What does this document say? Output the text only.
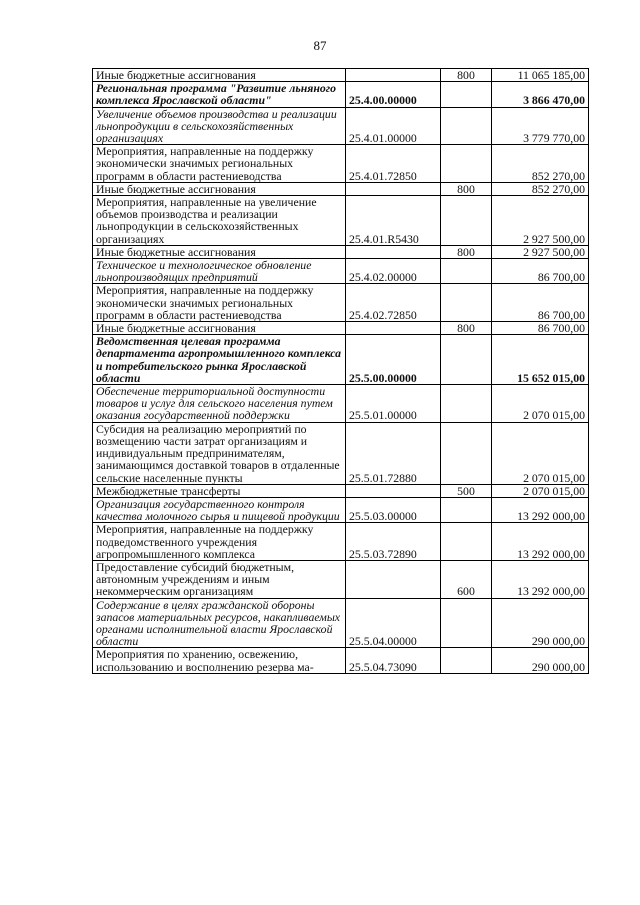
87
Иные бюджетные ассигнования		800	11 065 185,00
Региональная программа "Развитие льняного комплекса Ярославской области"	25.4.00.00000		3 866 470,00
Увеличение объемов производства и реализации льнопродукции в сельскохозяйственных организациях	25.4.01.00000		3 779 770,00
Мероприятия, направленные на поддержку экономически значимых региональных программ в области растениеводства	25.4.01.72850		852 270,00
Иные бюджетные ассигнования		800	852 270,00
Мероприятия, направленные на увеличение объемов производства и реализации льнопродукции в сельскохозяйственных организациях	25.4.01.R5430		2 927 500,00
Иные бюджетные ассигнования		800	2 927 500,00
Техническое и технологическое обновление льнопроизводящих предприятий	25.4.02.00000		86 700,00
Мероприятия, направленные на поддержку экономически значимых региональных программ в области растениеводства	25.4.02.72850		86 700,00
Иные бюджетные ассигнования		800	86 700,00
Ведомственная целевая программа департамента агропромышленного комплекса и потребительского рынка Ярославской области	25.5.00.00000		15 652 015,00
Обеспечение территориальной доступности товаров и услуг для сельского населения путем оказания государственной поддержки	25.5.01.00000		2 070 015,00
Субсидия на реализацию мероприятий по возмещению части затрат организациям и индивидуальным предпринимателям, занимающимся доставкой товаров в отдаленные сельские населенные пункты	25.5.01.72880		2 070 015,00
Межбюджетные трансферты		500	2 070 015,00
Организация государственного контроля качества молочного сырья и пищевой продукции	25.5.03.00000		13 292 000,00
Мероприятия, направленные на поддержку подведомственного учреждения агропромышленного комплекса	25.5.03.72890		13 292 000,00
Предоставление субсидий бюджетным, автономным учреждениям и иным некоммерческим организациям		600	13 292 000,00
Содержание в целях гражданской обороны запасов материальных ресурсов, накапливаемых органами исполнительной власти Ярославской области	25.5.04.00000		290 000,00
Мероприятия по хранению, освежению, использованию и восполнению резерва ма-	25.5.04.73090		290 000,00
